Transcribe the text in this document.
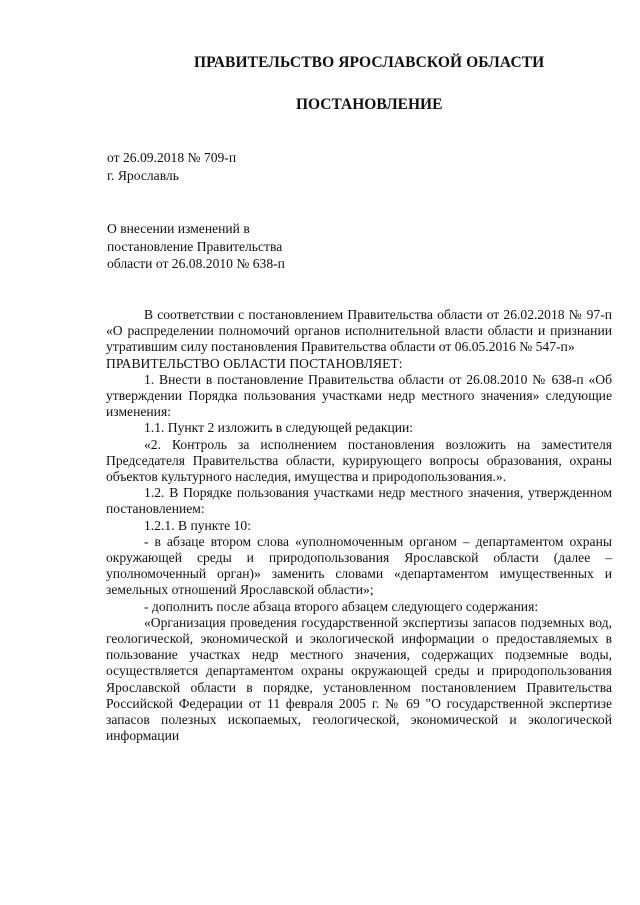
ПРАВИТЕЛЬСТВО ЯРОСЛАВСКОЙ ОБЛАСТИ
ПОСТАНОВЛЕНИЕ
от 26.09.2018 № 709-п
г. Ярославль
О внесении изменений в
постановление Правительства
области от 26.08.2010 № 638-п

В соответствии с постановлением Правительства области от 26.02.2018 № 97-п «О распределении полномочий органов исполнительной власти области и признании утратившим силу постановления Правительства области от 06.05.2016 № 547-п»

ПРАВИТЕЛЬСТВО ОБЛАСТИ ПОСТАНОВЛЯЕТ:

1. Внести в постановление Правительства области от 26.08.2010 № 638-п «Об утверждении Порядка пользования участками недр местного значения» следующие изменения:

1.1. Пункт 2 изложить в следующей редакции:

«2. Контроль за исполнением постановления возложить на заместителя Председателя Правительства области, курирующего вопросы образования, охраны объектов культурного наследия, имущества и природопользования.».

1.2. В Порядке пользования участками недр местного значения, утвержденном постановлением:

1.2.1. В пункте 10:

- в абзаце втором слова «уполномоченным органом – департаментом охраны окружающей среды и природопользования Ярославской области (далее – уполномоченный орган)» заменить словами «департаментом имущественных и земельных отношений Ярославской области»;

- дополнить после абзаца второго абзацем следующего содержания:

«Организация проведения государственной экспертизы запасов подземных вод, геологической, экономической и экологической информации о предоставляемых в пользование участках недр местного значения, содержащих подземные воды, осуществляется департаментом охраны окружающей среды и природопользования Ярославской области в порядке, установленном постановлением Правительства Российской Федерации от 11 февраля 2005 г. № 69 "О государственной экспертизе запасов полезных ископаемых, геологической, экономической и экологической информации
